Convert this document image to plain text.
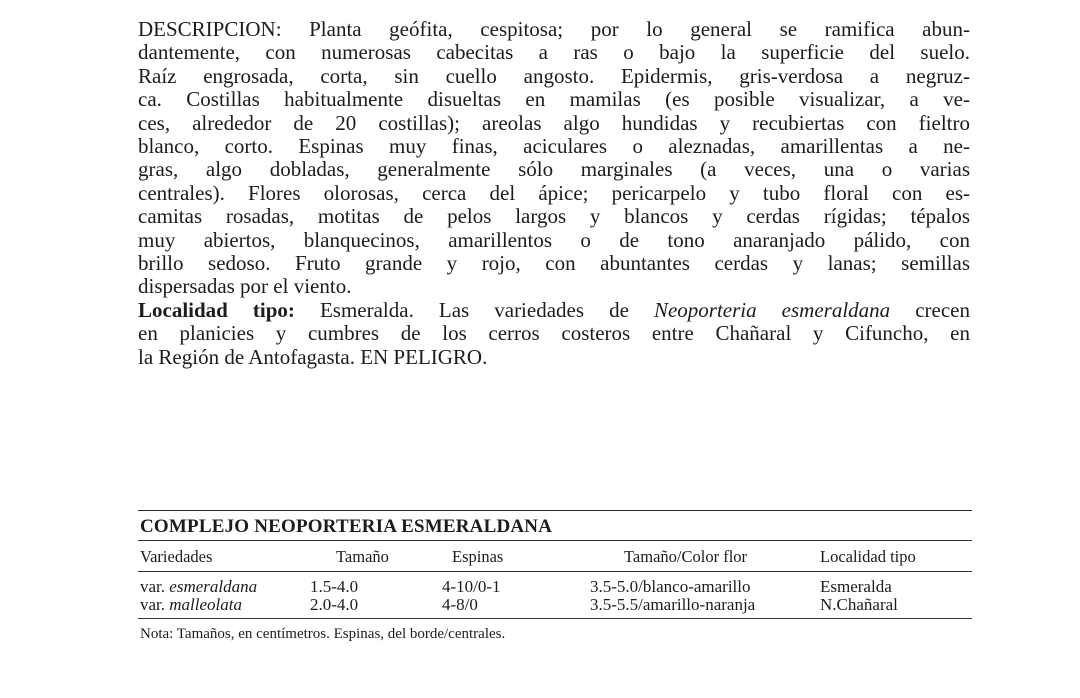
DESCRIPCION: Planta geófita, cespitosa; por lo general se ramifica abun-
dantemente, con numerosas cabecitas a ras o bajo la superficie del suelo.
Raíz engrosada, corta, sin cuello angosto. Epidermis, gris-verdosa a negruz-
ca. Costillas habitualmente disueltas en mamilas (es posible visualizar, a ve-
ces, alrededor de 20 costillas); areolas algo hundidas y recubiertas con fieltro
blanco, corto. Espinas muy finas, aciculares o aleznadas, amarillentas a ne-
gras, algo dobladas, generalmente sólo marginales (a veces, una o varias
centrales). Flores olorosas, cerca del ápice; pericarpelo y tubo floral con es-
camitas rosadas, motitas de pelos largos y blancos y cerdas rígidas; tépalos
muy abiertos, blanquecinos, amarillentos o de tono anaranjado pálido, con
brillo sedoso. Fruto grande y rojo, con abuntantes cerdas y lanas; semillas
dispersadas por el viento.

Localidad tipo: Esmeralda. Las variedades de Neoporteria esmeraldana crecen
en planicies y cumbres de los cerros costeros entre Chañaral y Cifuncho, en
la Región de Antofagasta. EN PELIGRO.

COMPLEJO NEOPORTERIA ESMERALDANA
Variedades	Tamaño	Espinas	Tamaño/Color flor	Localidad tipo
var. esmeraldana	1.5-4.0	4-10/0-1	3.5-5.0/blanco-amarillo	Esmeralda
var. malleolata	2.0-4.0	4-8/0	3.5-5.5/amarillo-naranja	N.Chañaral
Nota: Tamaños, en centímetros. Espinas, del borde/centrales.
